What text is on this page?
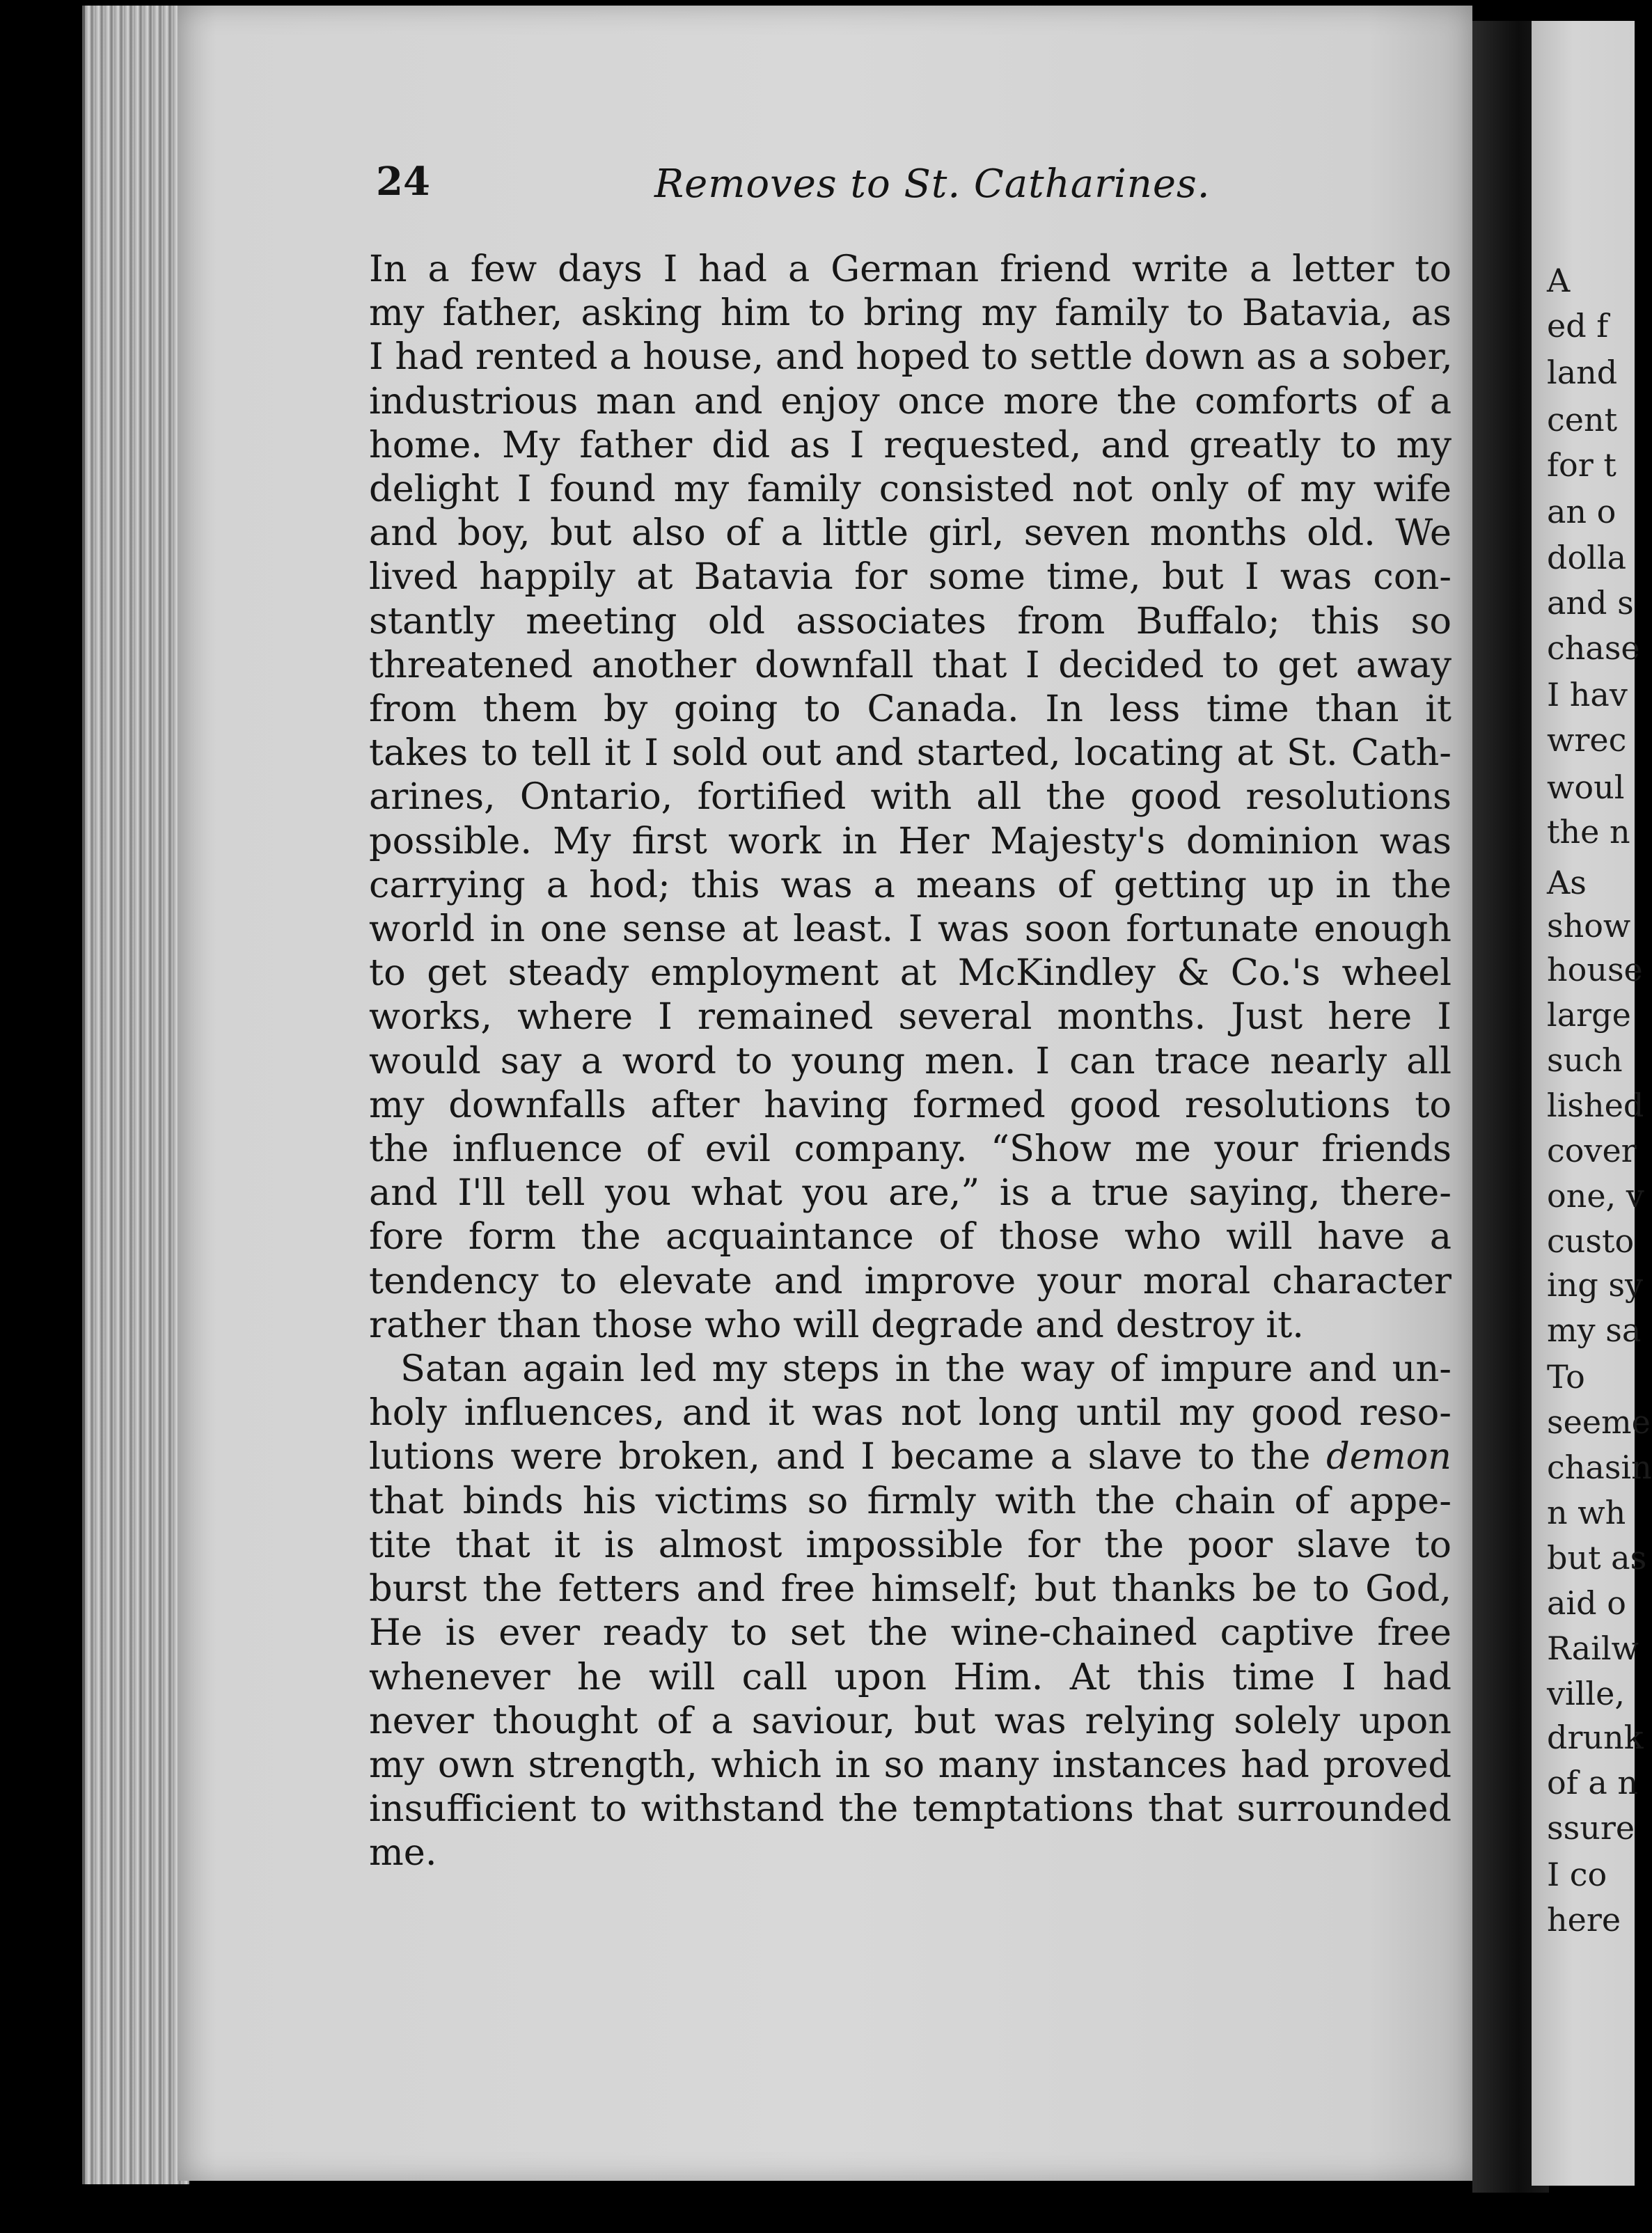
A
ed f
land
cent
for t
an o
dolla
and s
chase
I hav
wrec
woul
the n
As
show
house
large
such
lished
cover
one, v
custo
ing sy
my sa
To
seeme
chasin
n wh
but as
aid o
Railw
ville,
drunk
of a n
ssure
I co
here
24	Removes to St. Catharines.
In a few days I had a German friend write a letter to
my father, asking him to bring my family to Batavia, as
I had rented a house, and hoped to settle down as a sober,
industrious man and enjoy once more the comforts of a
home. My father did as I requested, and greatly to my
delight I found my family consisted not only of my wife
and boy, but also of a little girl, seven months old. We
lived happily at Batavia for some time, but I was con-
stantly meeting old associates from Buffalo; this so
threatened another downfall that I decided to get away
from them by going to Canada. In less time than it
takes to tell it I sold out and started, locating at St. Cath-
arines, Ontario, fortified with all the good resolutions
possible. My first work in Her Majesty's dominion was
carrying a hod; this was a means of getting up in the
world in one sense at least. I was soon fortunate enough
to get steady employment at McKindley & Co.'s wheel
works, where I remained several months. Just here I
would say a word to young men. I can trace nearly all
my downfalls after having formed good resolutions to
the influence of evil company. “Show me your friends
and I'll tell you what you are,” is a true saying, there-
fore form the acquaintance of those who will have a
tendency to elevate and improve your moral character
rather than those who will degrade and destroy it.
Satan again led my steps in the way of impure and un-
holy influences, and it was not long until my good reso-
lutions were broken, and I became a slave to the demon
that binds his victims so firmly with the chain of appe-
tite that it is almost impossible for the poor slave to
burst the fetters and free himself; but thanks be to God,
He is ever ready to set the wine-chained captive free
whenever he will call upon Him. At this time I had
never thought of a saviour, but was relying solely upon
my own strength, which in so many instances had proved
insufficient to withstand the temptations that surrounded
me.
